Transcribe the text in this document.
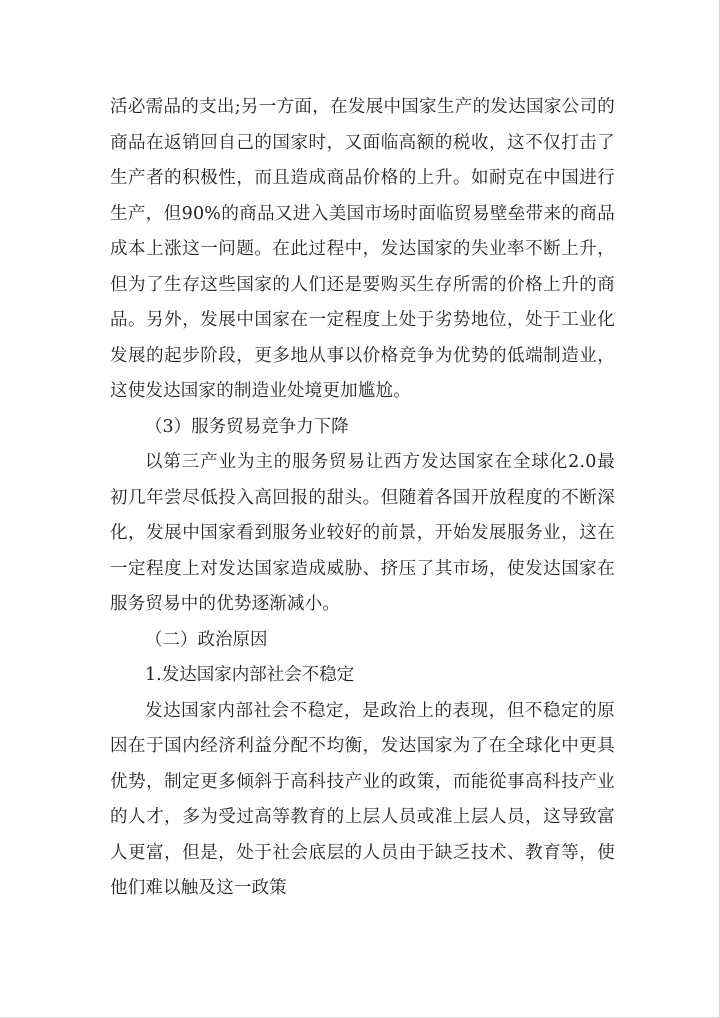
活必需品的支出;另一方面，在发展中国家生产的发达国家公司的商品在返销回自己的国家时，又面临高额的税收，这不仅打击了生产者的积极性，而且造成商品价格的上升。如耐克在中国进行生产，但90%的商品又进入美国市场时面临贸易壁垒带来的商品成本上涨这一问题。在此过程中，发达国家的失业率不断上升，但为了生存这些国家的人们还是要购买生存所需的价格上升的商品。另外，发展中国家在一定程度上处于劣势地位，处于工业化发展的起步阶段，更多地从事以价格竞争为优势的低端制造业，这使发达国家的制造业处境更加尴尬。

（3）服务贸易竞争力下降

以第三产业为主的服务贸易让西方发达国家在全球化2.0最初几年尝尽低投入高回报的甜头。但随着各国开放程度的不断深化，发展中国家看到服务业较好的前景，开始发展服务业，这在一定程度上对发达国家造成威胁、挤压了其市场，使发达国家在服务贸易中的优势逐渐减小。

（二）政治原因

1.发达国家内部社会不稳定

发达国家内部社会不稳定，是政治上的表现，但不稳定的原因在于国内经济利益分配不均衡，发达国家为了在全球化中更具优势，制定更多倾斜于高科技产业的政策，而能從事高科技产业的人才，多为受过高等教育的上层人员或准上层人员，这导致富人更富，但是，处于社会底层的人员由于缺乏技术、教育等，使他们难以触及这一政策
